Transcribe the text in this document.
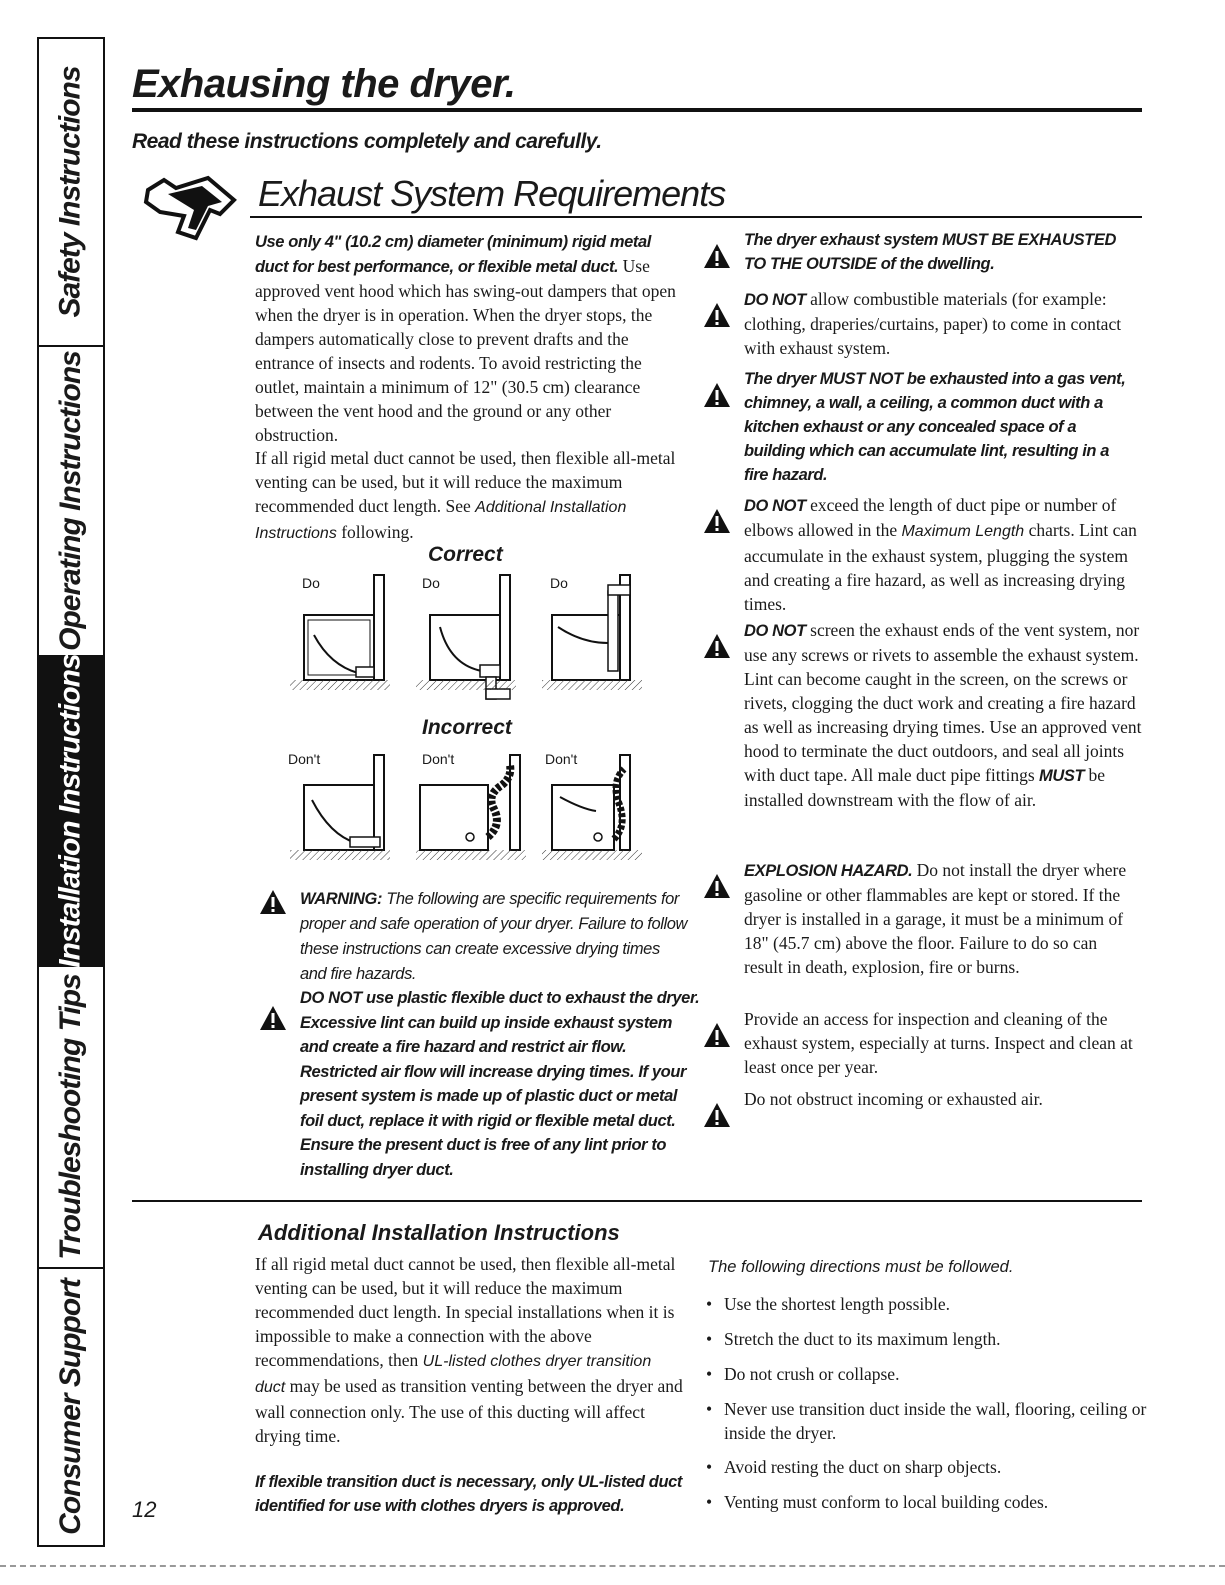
Safety Instructions
Operating Instructions
Installation Instructions
Troubleshooting Tips
Consumer Support
Exhausing the dryer.
Read these instructions completely and carefully.
Exhaust System Requirements
Use only 4" (10.2 cm) diameter (minimum) rigid metal duct for best performance, or flexible metal duct. Use approved vent hood which has swing-out dampers that open when the dryer is in operation. When the dryer stops, the dampers automatically close to prevent drafts and the entrance of insects and rodents. To avoid restricting the outlet, maintain a minimum of 12" (30.5 cm) clearance between the vent hood and the ground or any other obstruction.
If all rigid metal duct cannot be used, then flexible all-metal venting can be used, but it will reduce the maximum recommended duct length. See Additional Installation Instructions following.
Correct
Do	Do	Do
Incorrect
Don't	Don't	Don't
WARNING: The following are specific requirements for proper and safe operation of your dryer. Failure to follow these instructions can create excessive drying times and fire hazards.
DO NOT use plastic flexible duct to exhaust the dryer. Excessive lint can build up inside exhaust system and create a fire hazard and restrict air flow. Restricted air flow will increase drying times. If your present system is made up of plastic duct or metal foil duct, replace it with rigid or flexible metal duct. Ensure the present duct is free of any lint prior to installing dryer duct.
The dryer exhaust system MUST BE EXHAUSTED TO THE OUTSIDE of the dwelling.
DO NOT allow combustible materials (for example: clothing, draperies/curtains, paper) to come in contact with exhaust system.
The dryer MUST NOT be exhausted into a gas vent, chimney, a wall, a ceiling, a common duct with a kitchen exhaust or any concealed space of a building which can accumulate lint, resulting in a fire hazard.
DO NOT exceed the length of duct pipe or number of elbows allowed in the Maximum Length charts. Lint can accumulate in the exhaust system, plugging the system and creating a fire hazard, as well as increasing drying times.
DO NOT screen the exhaust ends of the vent system, nor use any screws or rivets to assemble the exhaust system. Lint can become caught in the screen, on the screws or rivets, clogging the duct work and creating a fire hazard as well as increasing drying times. Use an approved vent hood to terminate the duct outdoors, and seal all joints with duct tape. All male duct pipe fittings MUST be installed downstream with the flow of air.
EXPLOSION HAZARD. Do not install the dryer where gasoline or other flammables are kept or stored. If the dryer is installed in a garage, it must be a minimum of 18" (45.7 cm) above the floor. Failure to do so can result in death, explosion, fire or burns.
Provide an access for inspection and cleaning of the exhaust system, especially at turns. Inspect and clean at least once per year.
Do not obstruct incoming or exhausted air.
Additional Installation Instructions
If all rigid metal duct cannot be used, then flexible all-metal venting can be used, but it will reduce the maximum recommended duct length. In special installations when it is impossible to make a connection with the above recommendations, then UL-listed clothes dryer transition duct may be used as transition venting between the dryer and wall connection only. The use of this ducting will affect drying time.
If flexible transition duct is necessary, only UL-listed duct identified for use with clothes dryers is approved.
The following directions must be followed.
• Use the shortest length possible.
• Stretch the duct to its maximum length.
• Do not crush or collapse.
• Never use transition duct inside the wall, flooring, ceiling or inside the dryer.
• Avoid resting the duct on sharp objects.
• Venting must conform to local building codes.
12
